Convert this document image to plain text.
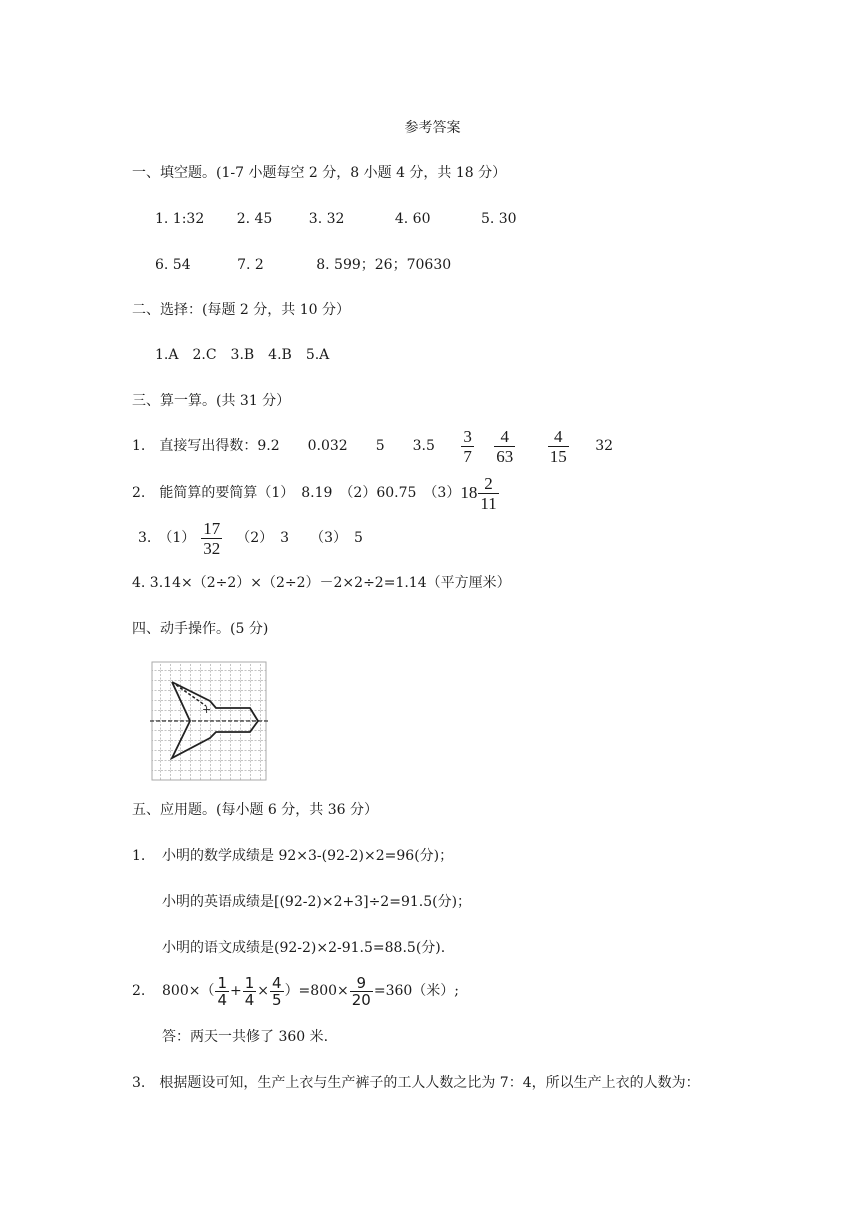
参考答案
一、填空题。(1-7 小题每空 2 分，8 小题 4 分，共 18 分）
1. 1:32 2. 45	3. 32	4. 60	5. 30
6. 54	7. 2	8. 599；26；70630
二、选择：(每题 2 分，共 10 分）
1.A　2.C　3.B　4.B　5.A
三、算一算。(共 31 分）
1.　直接写出得数：9.2　　0.032　　5　　$3.5 \frac{3}{7}$
$\frac{4}{63}$
$\frac{4}{15} 32$
2.　能简算的要简算（1）　8.19　（2）60.75　$(3)18 \frac{2}{11}$
3.　$(1) \frac{17}{32} (2)$　3　　（3）　5
4. 3.14×（2÷2）×（2÷2）－2×2÷2=1.14（平方厘米）
四、动手操作。(5 分)
+
五、应用题。(每小题 6 分，共 36 分）
1. 小明的数学成绩是 92×3-(92-2)×2=96(分)；
小明的英语成绩是[(92-2)×2+3]÷2=91.5(分)；
小明的语文成绩是(92-2)×2-91.5=88.5(分).
2. $800\times( \frac{1}{4} + \frac{1}{4} \times \frac{4}{5} )=800\times \frac{9}{20} =360$（米）;
答：两天一共修了 360 米.
3.　根据题设可知，生产上衣与生产裤子的工人人数之比为 7：4，所以生产上衣的人数为：
